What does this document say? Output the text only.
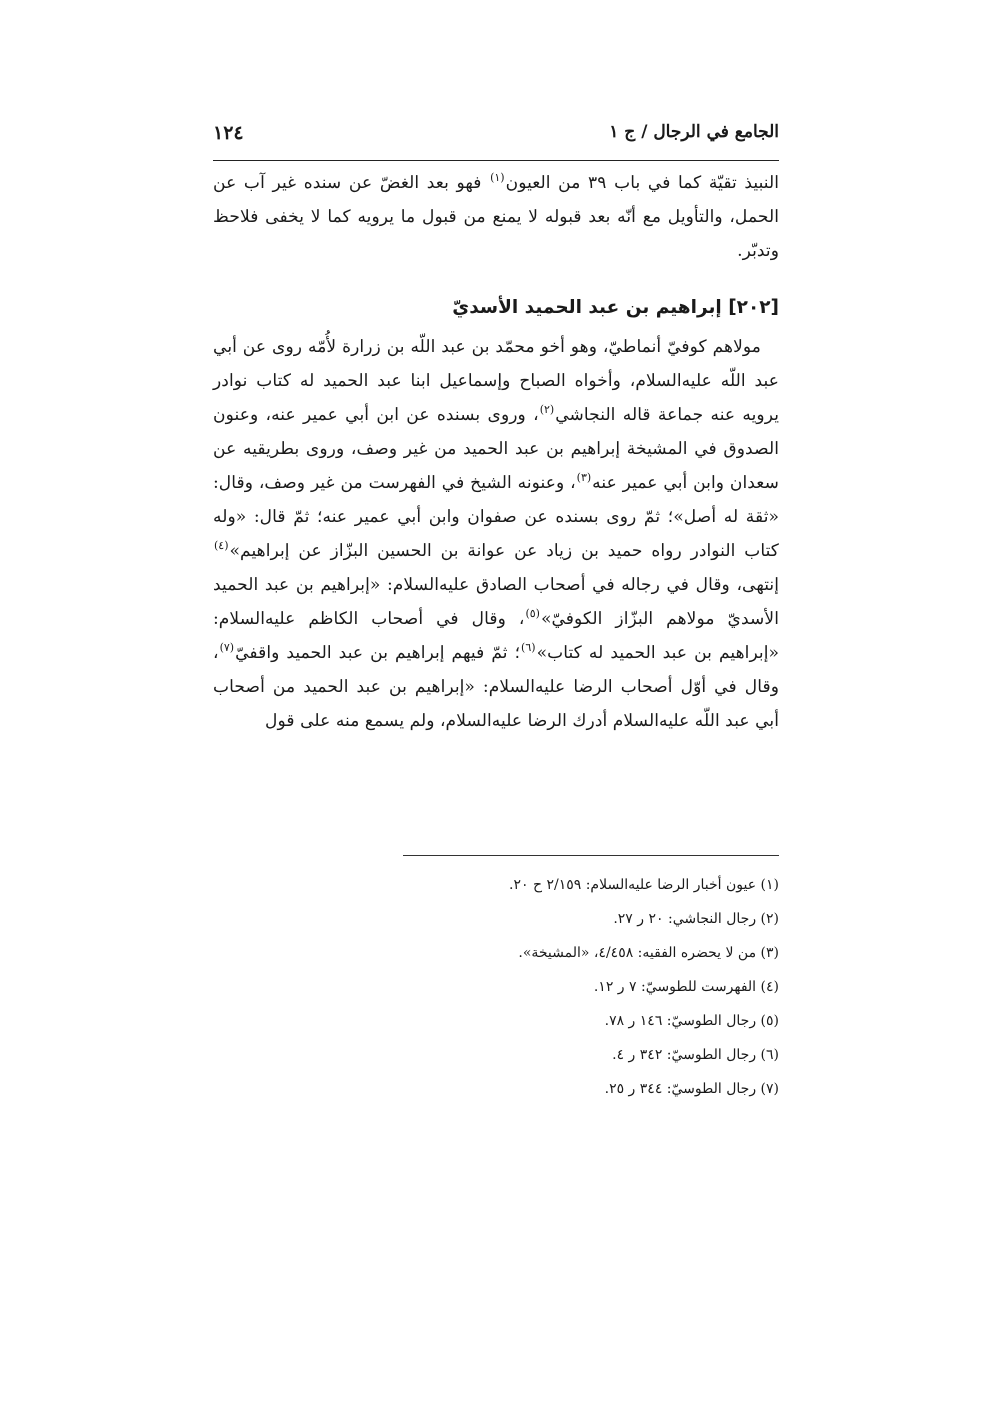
١٢٤	الجامع في الرجال / ج ١

النبيذ تقيّة كما في باب ٣٩ من العيون$^{(١)}$ فهو بعد الغضّ عن سنده غير آب عن الحمل، والتأويل مع أنّه بعد قبوله لا يمنع من قبول ما يرويه كما لا يخفى فلاحظ وتدبّر.

[٢٠٢] إبراهيم بن عبد الحميد الأسديّ

مولاهم كوفيّ أنماطيّ، وهو أخو محمّد بن عبد اللّه بن زرارة لأُمّه روى عن أبي عبد اللّه عليه‌السلام، وأخواه الصباح وإسماعيل ابنا عبد الحميد له كتاب نوادر يرويه عنه جماعة قاله النجاشي$^{(٢)}$، وروى بسنده عن ابن أبي عمير عنه، وعنون الصدوق في المشيخة إبراهيم بن عبد الحميد من غير وصف، وروى بطريقيه عن سعدان وابن أبي عمير عنه$^{(٣)}$، وعنونه الشيخ في الفهرست من غير وصف، وقال: «ثقة له أصل»؛ ثمّ روى بسنده عن صفوان وابن أبي عمير عنه؛ ثمّ قال: «وله كتاب النوادر رواه حميد بن زياد عن عوانة بن الحسين البزّاز عن إبراهيم»$^{(٤)}$ إنتهى، وقال في رجاله في أصحاب الصادق عليه‌السلام: «إبراهيم بن عبد الحميد الأسديّ مولاهم البزّاز الكوفيّ»$^{(٥)}$، وقال في أصحاب الكاظم عليه‌السلام: «إبراهيم بن عبد الحميد له كتاب»$^{(٦)}$؛ ثمّ فيهم إبراهيم بن عبد الحميد واقفيّ$^{(٧)}$، وقال في أوّل أصحاب الرضا عليه‌السلام: «إبراهيم بن عبد الحميد من أصحاب أبي عبد اللّه عليه‌السلام أدرك الرضا عليه‌السلام، ولم يسمع منه على قول

(١) عيون أخبار الرضا عليه‌السلام: ٢/١٥٩ ح ٢٠.
(٢) رجال النجاشي: ٢٠ ر ٢٧.
(٣) من لا يحضره الفقيه: ٤/٤٥٨، «المشيخة».
(٤) الفهرست للطوسيّ: ٧ ر ١٢.
(٥) رجال الطوسيّ: ١٤٦ ر ٧٨.
(٦) رجال الطوسيّ: ٣٤٢ ر ٤.
(٧) رجال الطوسيّ: ٣٤٤ ر ٢٥.
